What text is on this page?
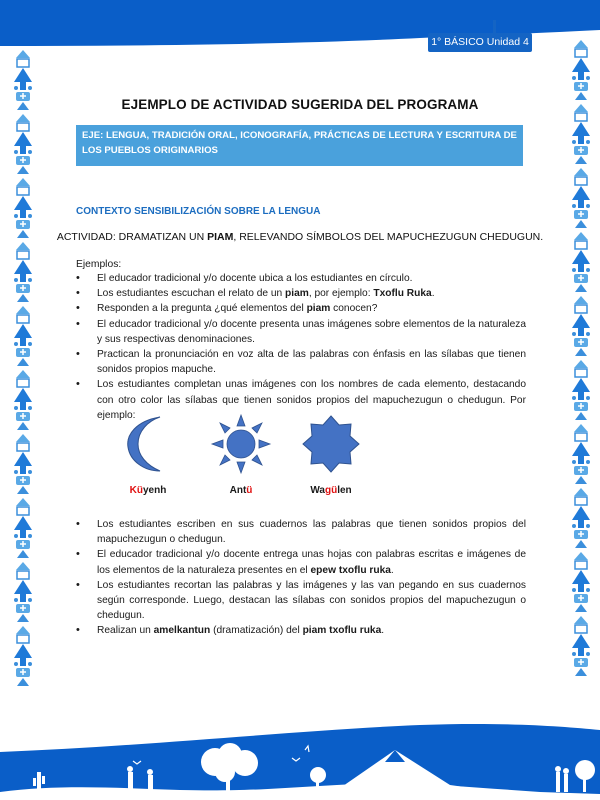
1° BÁSICO Unidad 4
EJEMPLO DE ACTIVIDAD SUGERIDA DEL PROGRAMA
EJE: LENGUA, TRADICIÓN ORAL, ICONOGRAFÍA, PRÁCTICAS DE LECTURA Y ESCRITURA DE LOS PUEBLOS ORIGINARIOS
CONTEXTO SENSIBILIZACIÓN SOBRE LA LENGUA
ACTIVIDAD: DRAMATIZAN UN PIAM, RELEVANDO SÍMBOLOS DEL MAPUCHEZUGUN CHEDUGUN.
Ejemplos:
• El educador tradicional y/o docente ubica a los estudiantes en círculo.
• Los estudiantes escuchan el relato de un piam, por ejemplo: Txoflu Ruka.
• Responden a la pregunta ¿qué elementos del piam conocen?
• El educador tradicional y/o docente presenta unas imágenes sobre elementos de la naturaleza y sus respectivas denominaciones.
• Practican la pronunciación en voz alta de las palabras con énfasis en las sílabas que tienen sonidos propios mapuche.
• Los estudiantes completan unas imágenes con los nombres de cada elemento, destacando con otro color las sílabas que tienen sonidos propios del mapuchezugun o chedugun. Por ejemplo:
Küyenh	Antü	Wagülen
• Los estudiantes escriben en sus cuadernos las palabras que tienen sonidos propios del mapuchezugun o chedugun.
• El educador tradicional y/o docente entrega unas hojas con palabras escritas e imágenes de los elementos de la naturaleza presentes en el epew txoflu ruka.
• Los estudiantes recortan las palabras y las imágenes y las van pegando en sus cuadernos según corresponde. Luego, destacan las sílabas con sonidos propios del mapuchezugun o chedugun.
• Realizan un amelkantun (dramatización) del piam txoflu ruka.
